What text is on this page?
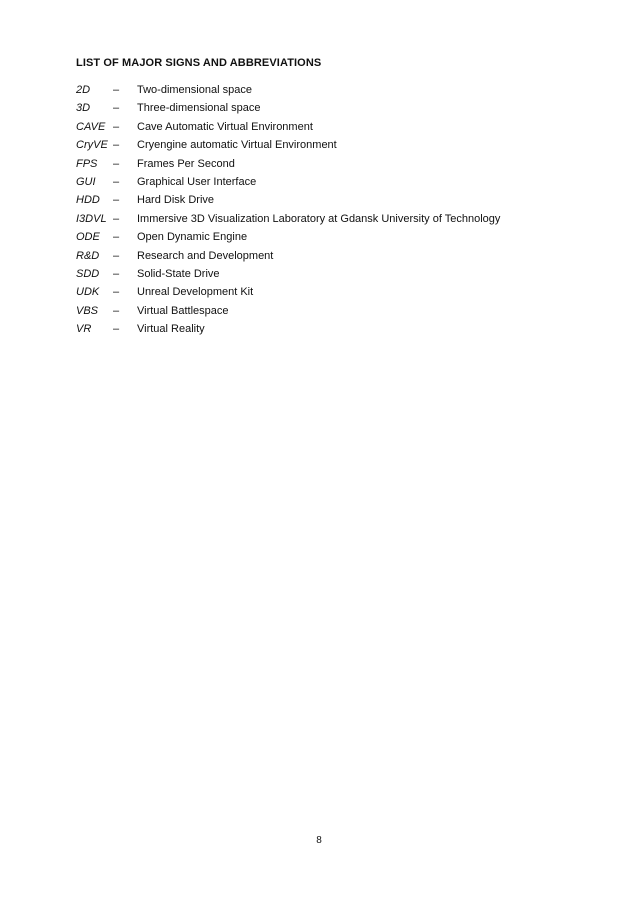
LIST OF MAJOR SIGNS AND ABBREVIATIONS
2D – Two-dimensional space
3D – Three-dimensional space
CAVE – Cave Automatic Virtual Environment
CryVE – Cryengine automatic Virtual Environment
FPS – Frames Per Second
GUI – Graphical User Interface
HDD – Hard Disk Drive
I3DVL – Immersive 3D Visualization Laboratory at Gdansk University of Technology
ODE – Open Dynamic Engine
R&D – Research and Development
SDD – Solid-State Drive
UDK – Unreal Development Kit
VBS – Virtual Battlespace
VR – Virtual Reality
8
